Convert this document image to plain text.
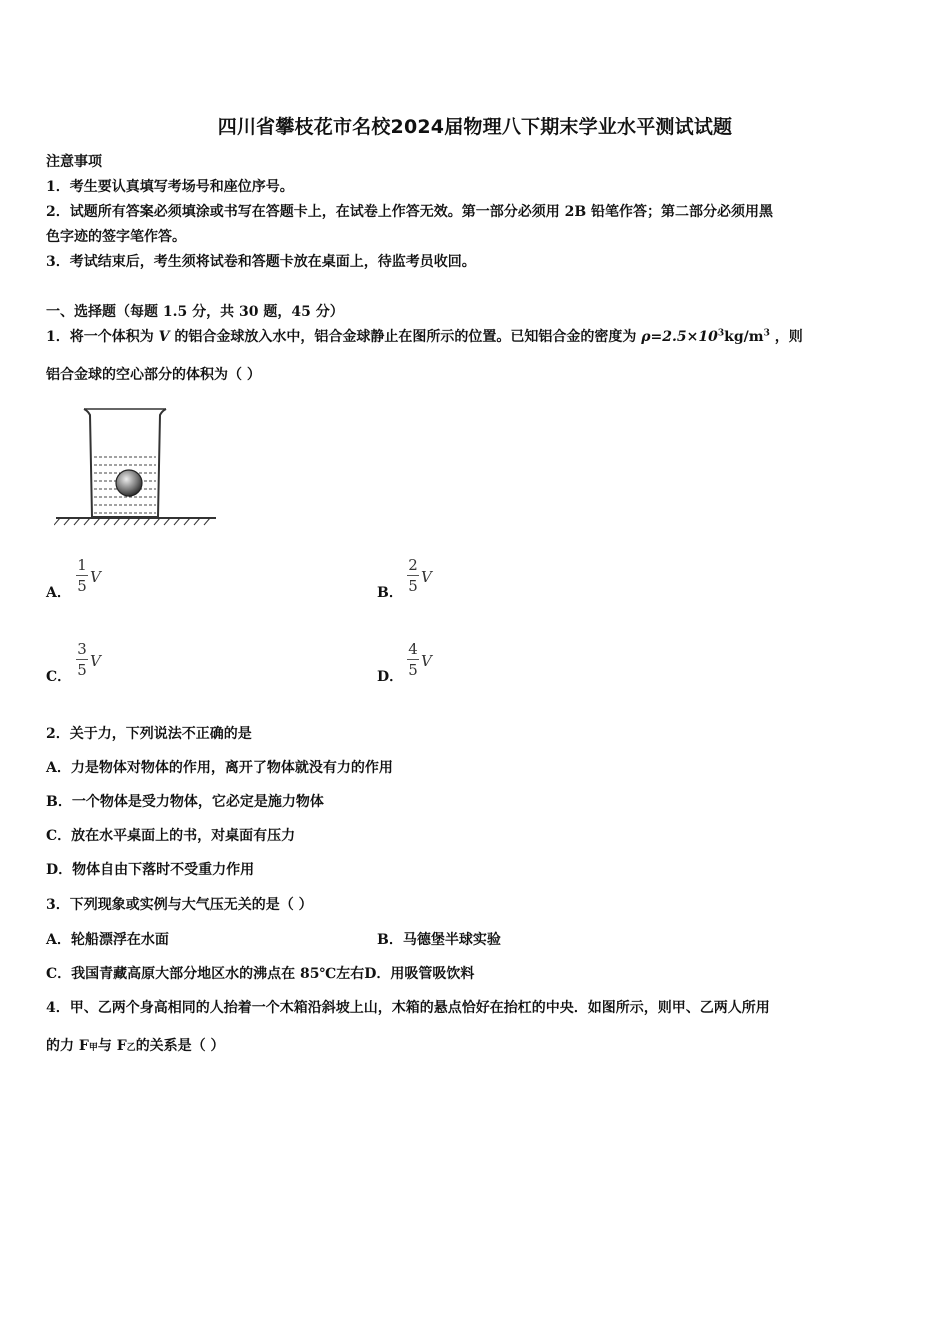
四川省攀枝花市名校2024届物理八下期末学业水平测试试题
注意事项
1．考生要认真填写考场号和座位序号。
2．试题所有答案必须填涂或书写在答题卡上，在试卷上作答无效。第一部分必须用 2B 铅笔作答；第二部分必须用黑
色字迹的签字笔作答。
3．考试结束后，考生须将试卷和答题卡放在桌面上，待监考员收回。
一、选择题（每题 1.5 分，共 30 题，45 分）
1．将一个体积为 V 的铝合金球放入水中，铝合金球静止在图所示的位置。已知铝合金的密度为 $\rho=2.5\times 10^3kg/m^3$ ，则
铝合金球的空心部分的体积为（ ）
A．
1
5 V
B．
2
5 V
C．
3
5 V
D．
4
5 V
2．关于力，下列说法不正确的是
A．力是物体对物体的作用，离开了物体就没有力的作用
B．一个物体是受力物体，它必定是施力物体
C．放在水平桌面上的书，对桌面有压力
D．物体自由下落时不受重力作用
3．下列现象或实例与大气压无关的是（ ）
A．轮船漂浮在水面	B．马德堡半球实验
C．我国青藏高原大部分地区水的沸点在 85℃左右D．用吸管吸饮料
4．甲、乙两个身高相同的人抬着一个木箱沿斜坡上山，木箱的悬点恰好在抬杠的中央．如图所示，则甲、乙两人所用
的力 F甲与 F乙的关系是（ ）
